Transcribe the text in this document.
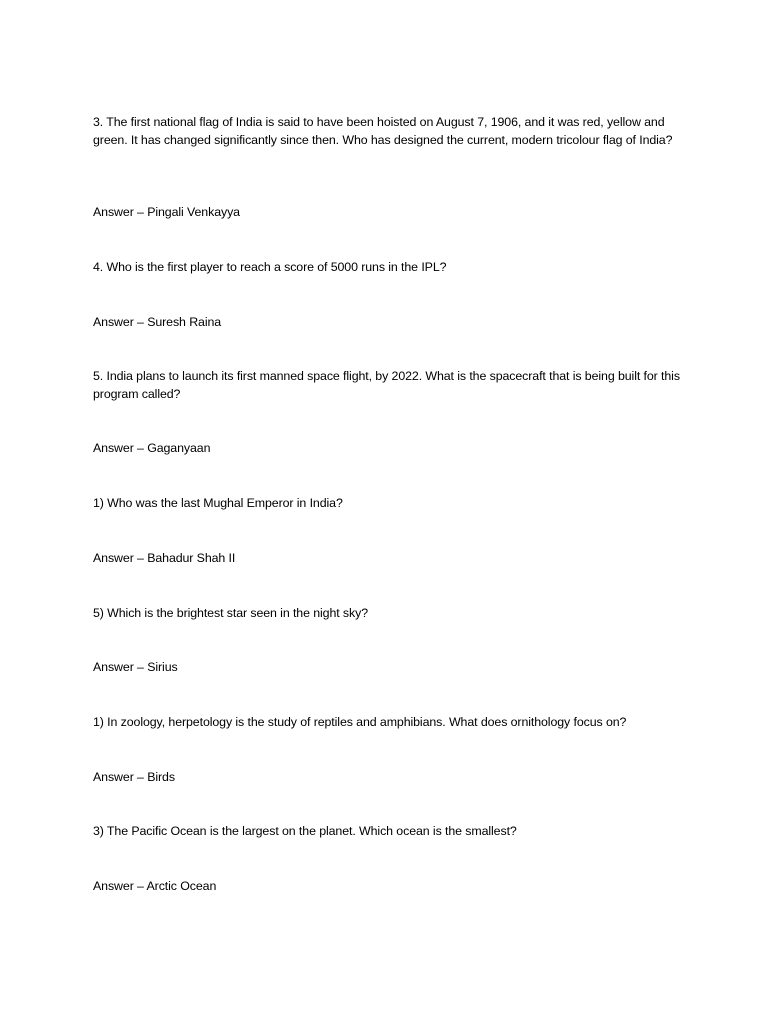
3. The first national flag of India is said to have been hoisted on August 7, 1906, and it was red, yellow and green. It has changed significantly since then. Who has designed the current, modern tricolour flag of India?
Answer – Pingali Venkayya
4. Who is the first player to reach a score of 5000 runs in the IPL?
Answer – Suresh Raina
5. India plans to launch its first manned space flight, by 2022. What is the spacecraft that is being built for this program called?
Answer – Gaganyaan
1) Who was the last Mughal Emperor in India?
Answer – Bahadur Shah II
5) Which is the brightest star seen in the night sky?
Answer – Sirius
1) In zoology, herpetology is the study of reptiles and amphibians. What does ornithology focus on?
Answer – Birds
3) The Pacific Ocean is the largest on the planet. Which ocean is the smallest?
Answer – Arctic Ocean
